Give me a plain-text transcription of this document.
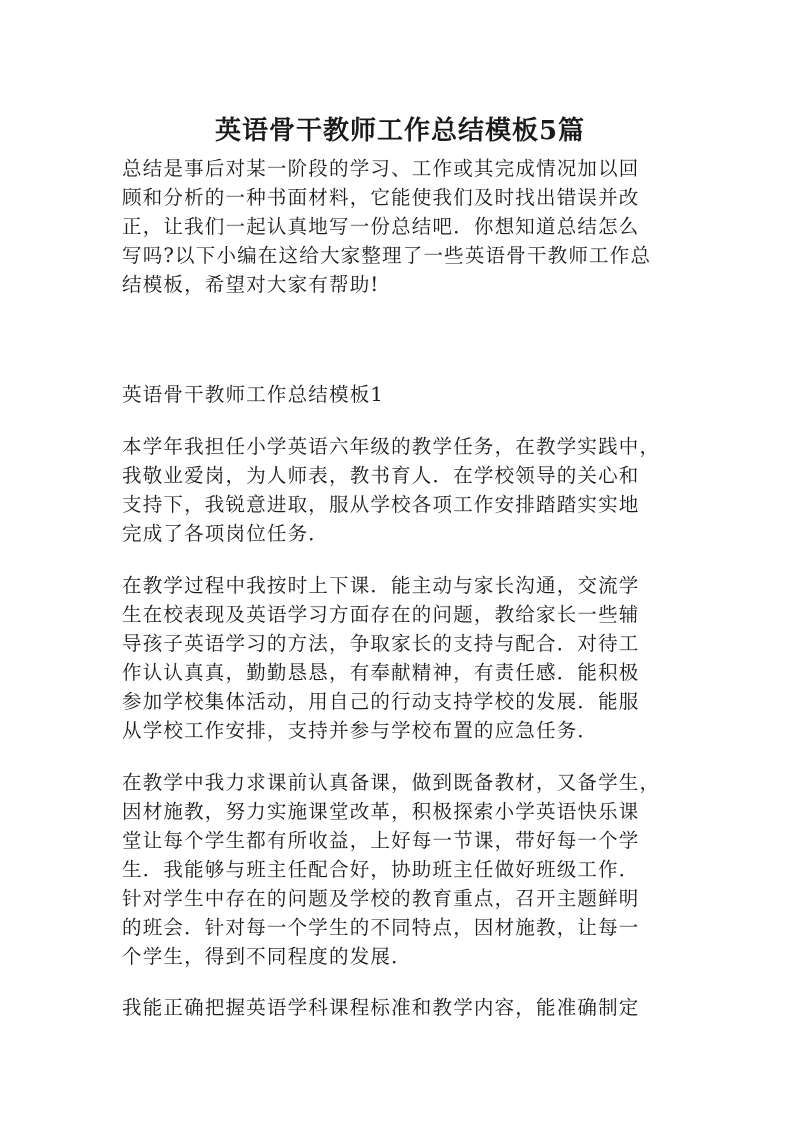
英语骨干教师工作总结模板5篇
总结是事后对某一阶段的学习、工作或其完成情况加以回
顾和分析的一种书面材料，它能使我们及时找出错误并改
正，让我们一起认真地写一份总结吧．你想知道总结怎么
写吗?以下小编在这给大家整理了一些英语骨干教师工作总
结模板，希望对大家有帮助!
英语骨干教师工作总结模板1
本学年我担任小学英语六年级的教学任务，在教学实践中，
我敬业爱岗，为人师表，教书育人．在学校领导的关心和
支持下，我锐意进取，服从学校各项工作安排踏踏实实地
完成了各项岗位任务．
在教学过程中我按时上下课．能主动与家长沟通，交流学
生在校表现及英语学习方面存在的问题，教给家长一些辅
导孩子英语学习的方法，争取家长的支持与配合．对待工
作认认真真，勤勤恳恳，有奉献精神，有责任感．能积极
参加学校集体活动，用自己的行动支持学校的发展．能服
从学校工作安排，支持并参与学校布置的应急任务．
在教学中我力求课前认真备课，做到既备教材，又备学生，
因材施教，努力实施课堂改革，积极探索小学英语快乐课
堂让每个学生都有所收益，上好每一节课，带好每一个学
生．我能够与班主任配合好，协助班主任做好班级工作．
针对学生中存在的问题及学校的教育重点，召开主题鲜明
的班会．针对每一个学生的不同特点，因材施教，让每一
个学生，得到不同程度的发展．
我能正确把握英语学科课程标准和教学内容，能准确制定
